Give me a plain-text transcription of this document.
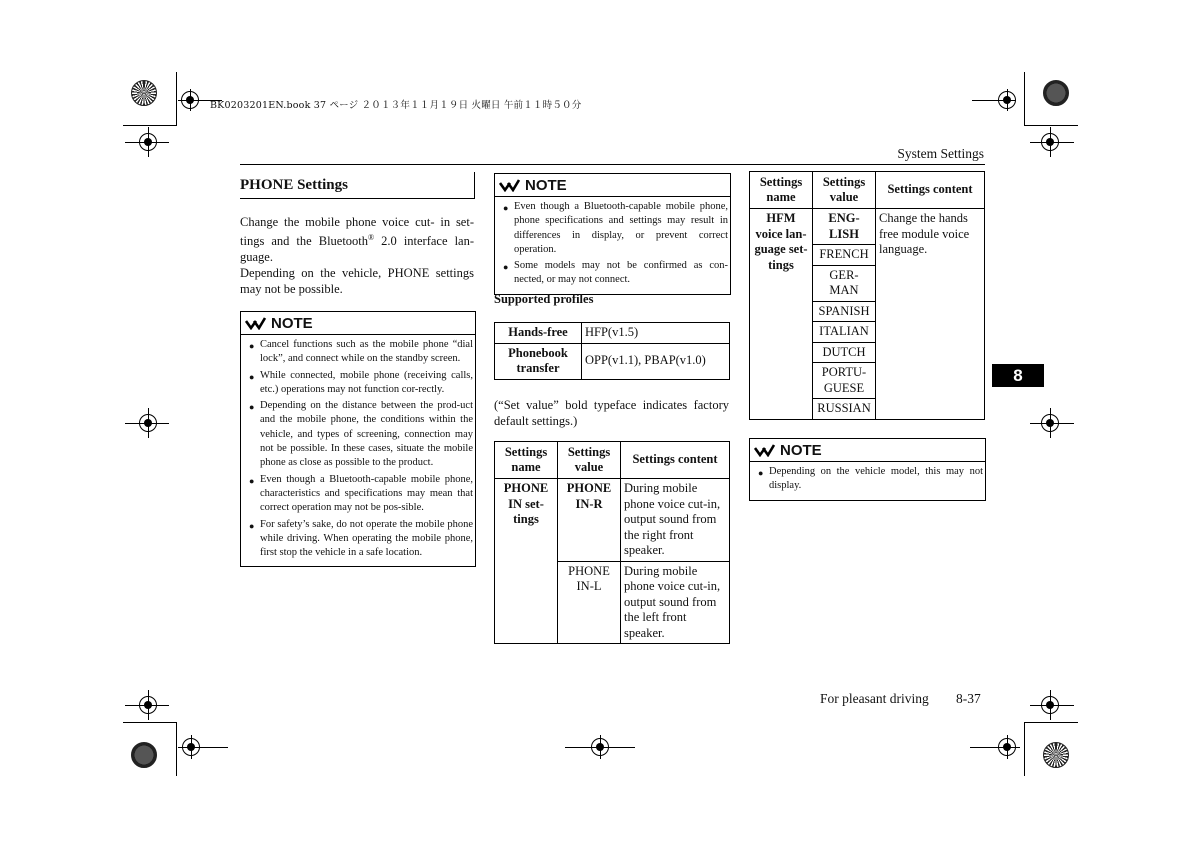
BK0203201EN.book 37 ページ ２０１３年１１月１９日 火曜日 午前１１時５０分
System Settings
PHONE Settings
Change the mobile phone voice cut- in set-tings and the Bluetooth® 2.0 interface lan-guage.
Depending on the vehicle, PHONE settings may not be possible.
NOTE
● Cancel functions such as the mobile phone “dial lock”, and connect while on the standby screen.
● While connected, mobile phone (receiving calls, etc.) operations may not function cor-rectly.
● Depending on the distance between the prod-uct and the mobile phone, the conditions within the vehicle, and types of screening, connection may not be possible. In these cases, situate the mobile phone as close as possible to the product.
● Even though a Bluetooth-capable mobile phone, characteristics and specifications may mean that correct operation may not be pos-sible.
● For safety’s sake, do not operate the mobile phone while driving. When operating the mobile phone, first stop the vehicle in a safe location.
NOTE
● Even though a Bluetooth-capable mobile phone, phone specifications and settings may result in differences in display, or prevent correct operation.
● Some models may not be confirmed as con-nected, or may not connect.
Supported profiles
Hands-free	HFP(v1.5)
Phonebook transfer	OPP(v1.1), PBAP(v1.0)
(“Set value” bold typeface indicates factory default settings.)
Settings name	Settings value	Settings content
PHONE IN set-tings	PHONE IN-R	During mobile phone voice cut-in, output sound from the right front speaker.
	PHONE IN-L	During mobile phone voice cut-in, output sound from the left front speaker.
Settings name	Settings value	Settings content
HFM voice lan-guage set-tings	ENG-LISH	Change the hands free module voice language.
	FRENCH	
	GER-MAN	
	SPANISH	
	ITALIAN	
	DUTCH	
	PORTU-GUESE	
	RUSSIAN	
NOTE
● Depending on the vehicle model, this may not display.
8
For pleasant driving 8-37
